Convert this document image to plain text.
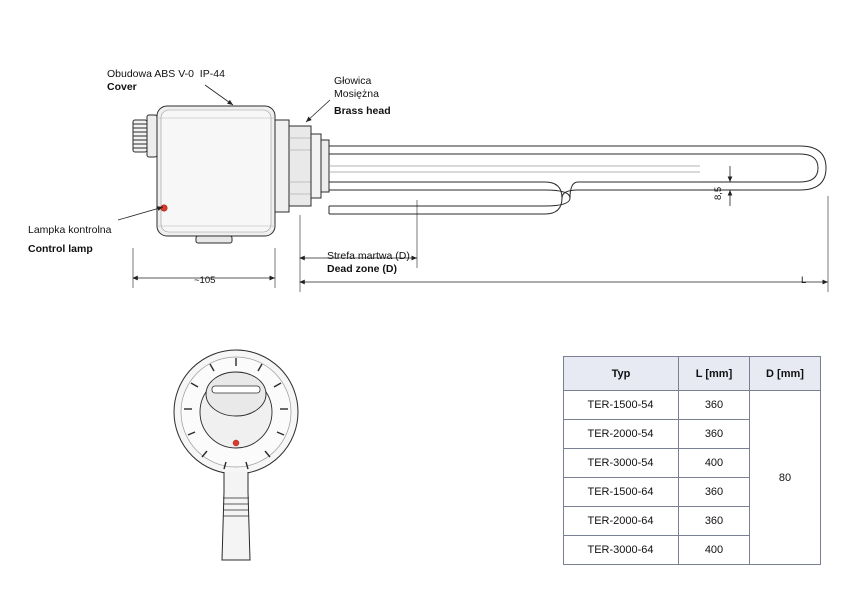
Obudowa ABS V-0  IP-44
Cover	Głowica
Mosiężna
Brass head
Lampka kontrolna
Control lamp
Strefa martwa (D)
Dead zone (D)
~105	L
8,5
Typ	L [mm]	D [mm]
TER-1500-54	360	80
TER-2000-54	360	
TER-3000-54	400	
TER-1500-64	360	
TER-2000-64	360	
TER-3000-64	400	
